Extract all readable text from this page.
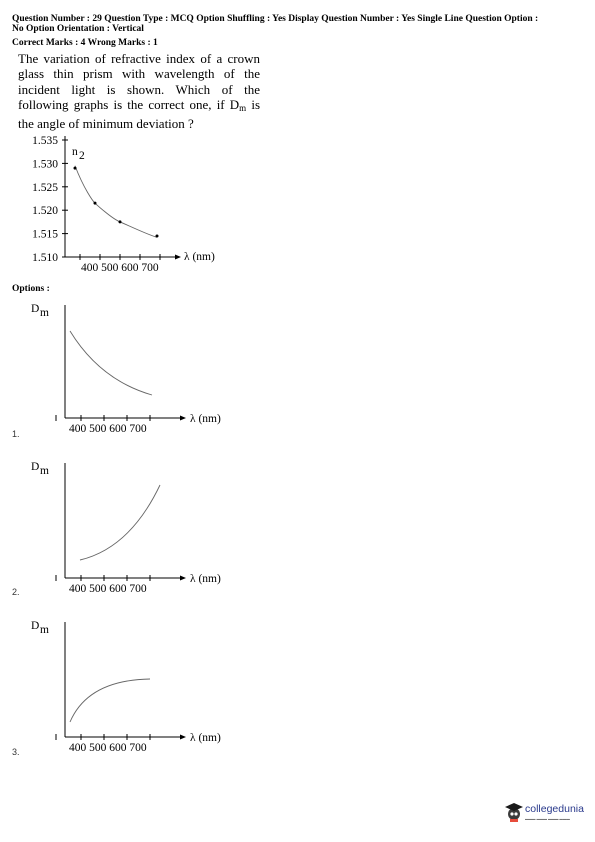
Question Number : 29 Question Type : MCQ Option Shuffling : Yes Display Question Number : Yes Single Line Question Option :
No Option Orientation : Vertical
Correct Marks : 4 Wrong Marks : 1
The variation of refractive index of a crown glass thin prism with wavelength of the incident light is shown. Which of the following graphs is the correct one, if $D_m$ is the angle of minimum deviation ?
1.535
1.530
1.525
1.520
1.515
1.510
400 500 600 700
n 2
λ (nm)
Options :
1.
2.
3.
400 500 600 700
D m
λ (nm)
400 500 600 700
D m
λ (nm)
400 500 600 700
D m
λ (nm)
collegedunia
▬▬▬ ▬▬▬ ▬▬▬ ▬▬▬
